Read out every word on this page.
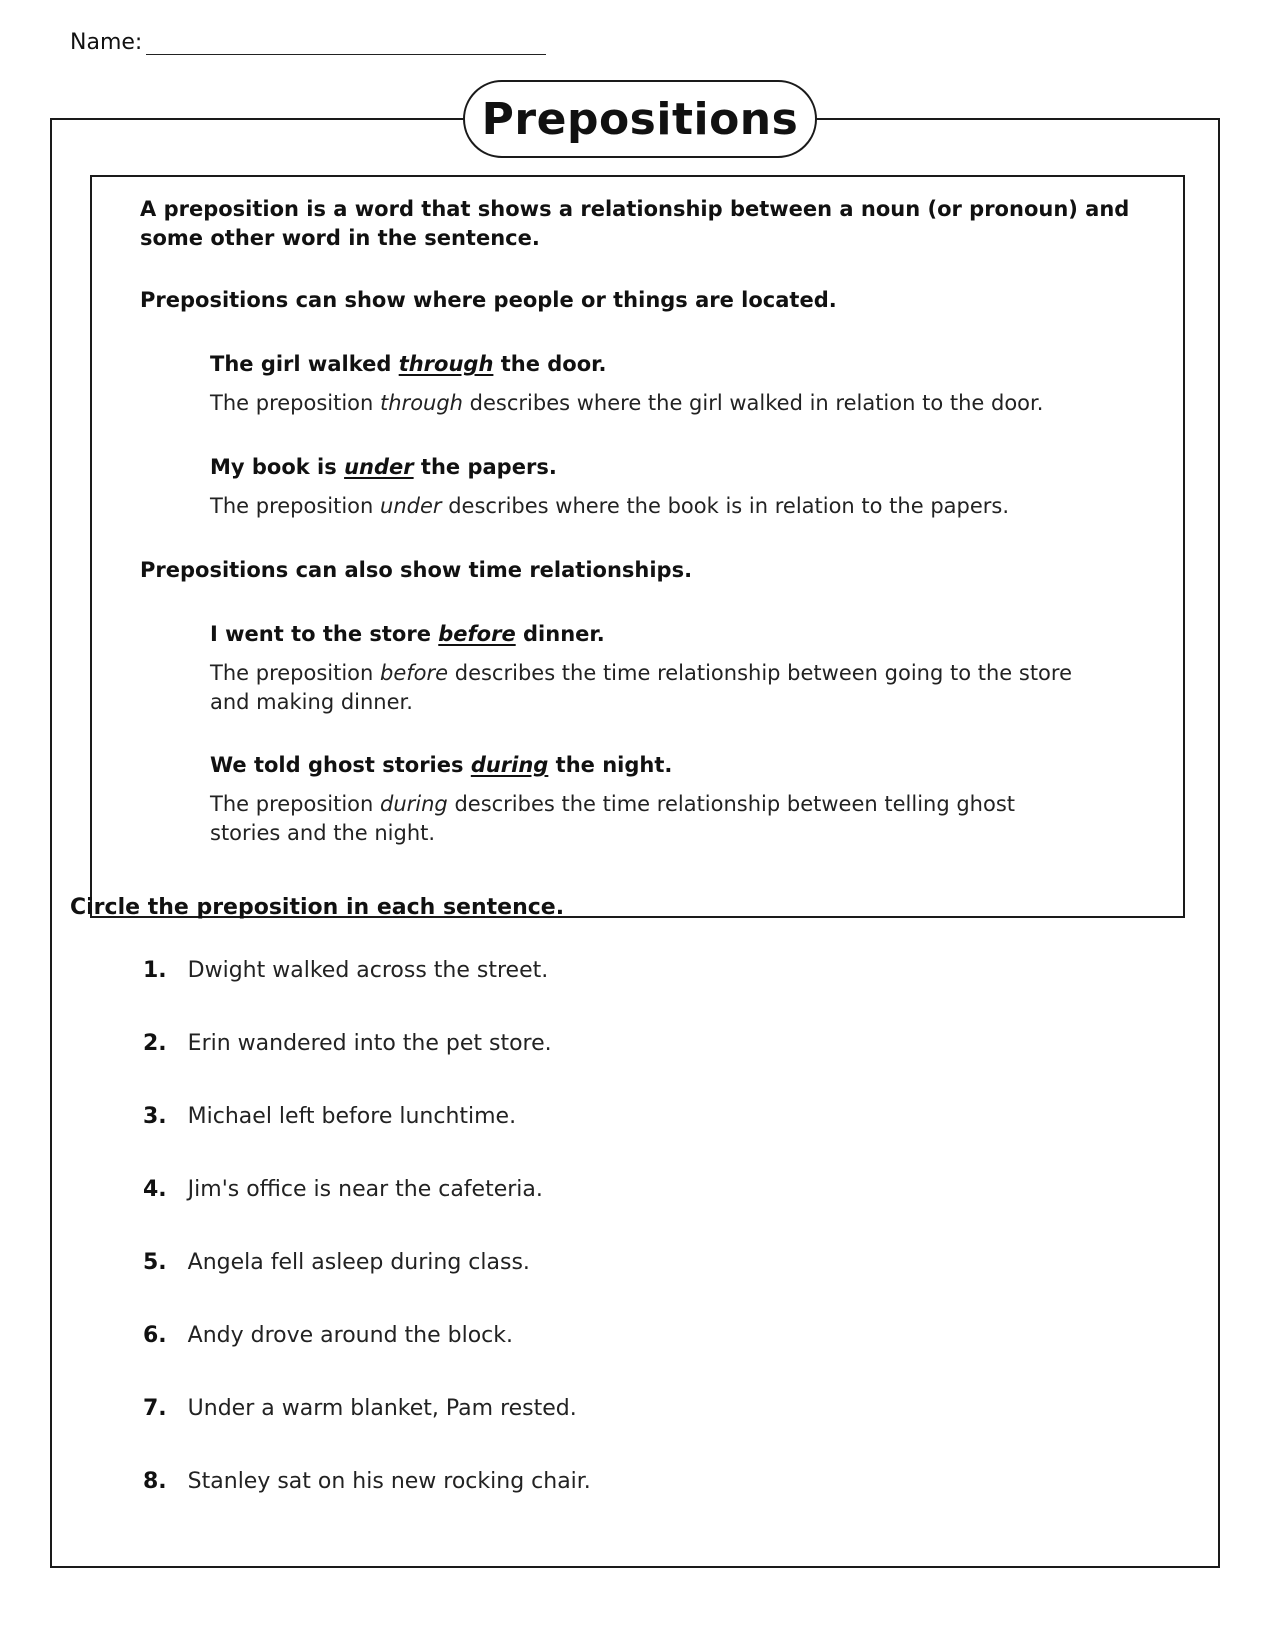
Name:
Prepositions
A preposition is a word that shows a relationship between a noun (or pronoun) and some other word in the sentence.
Prepositions can show where people or things are located.
The girl walked through the door.
The preposition through describes where the girl walked in relation to the door.
My book is under the papers.
The preposition under describes where the book is in relation to the papers.
Prepositions can also show time relationships.
I went to the store before dinner.
The preposition before describes the time relationship between going to the store and making dinner.
We told ghost stories during the night.
The preposition during describes the time relationship between telling ghost stories and the night.
Circle the preposition in each sentence.
1. Dwight walked across the street.
2. Erin wandered into the pet store.
3. Michael left before lunchtime.
4. Jim's office is near the cafeteria.
5. Angela fell asleep during class.
6. Andy drove around the block.
7. Under a warm blanket, Pam rested.
8. Stanley sat on his new rocking chair.
